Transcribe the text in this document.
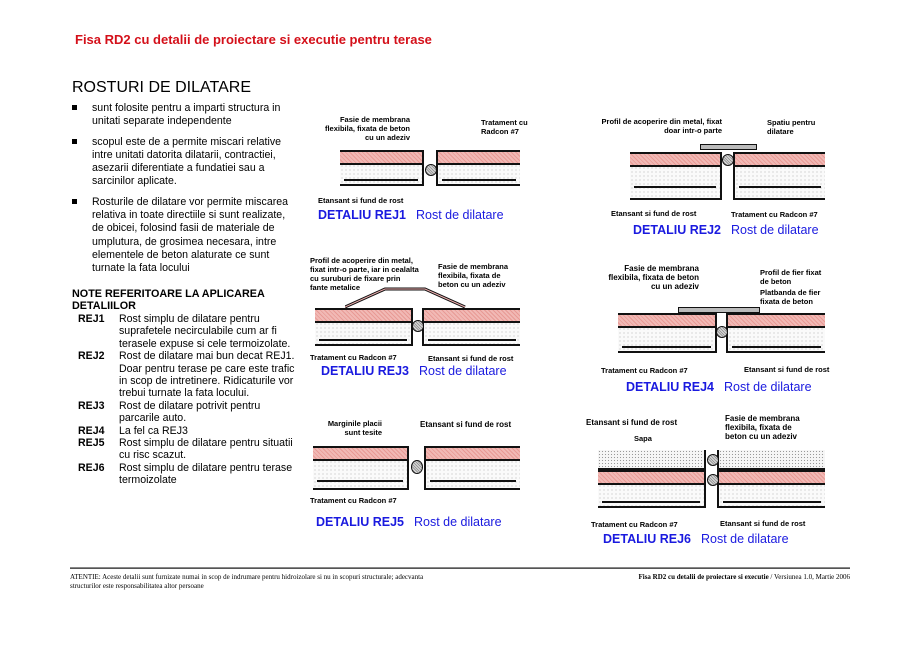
Fisa RD2 cu detalii de proiectare si executie pentru terase
ROSTURI DE DILATARE
sunt folosite pentru a imparti structura in unitati separate independente
scopul este de a permite miscari relative intre unitati datorita dilatarii, contractiei, asezarii diferentiate a fundatiei sau a sarcinilor aplicate.
Rosturile de dilatare vor permite miscarea relativa in toate directiile si sunt realizate, de obicei, folosind fasii de materiale de umplutura, de grosimea necesara, intre elementele de beton alaturate ce sunt turnate la fata locului
NOTE REFERITOARE LA APLICAREA DETALIILOR
REJ1	Rost simplu de dilatare pentru suprafetele necirculabile cum ar fi terasele expuse si cele termoizolate.
REJ2	Rost de dilatare mai bun decat REJ1. Doar pentru terase pe care este trafic in scop de intretinere. Ridicaturile vor trebui turnate la fata locului.
REJ3	Rost de dilatare potrivit pentru parcarile auto.
REJ4	La fel ca REJ3
REJ5	Rost simplu de dilatare pentru situatii cu risc scazut.
REJ6	Rost simplu de dilatare pentru terase termoizolate
Fasie de membrana flexibila, fixata de beton cu un adeziv
Tratament cu Radcon #7
Etansant si fund de rost
DETALIU REJ1 Rost de dilatare
Profil de acoperire din metal, fixat doar intr-o parte
Spatiu pentru dilatare
Etansant si fund de rost	Tratament cu Radcon #7
DETALIU REJ2 Rost de dilatare
Profil de acoperire din metal, fixat intr-o parte, iar in cealalta cu suruburi de fixare prin fante metalice
Fasie de membrana flexibila, fixata de beton cu un adeziv
Tratament cu Radcon #7	Etansant si fund de rost
DETALIU REJ3 Rost de dilatare
Fasie de membrana flexibila, fixata de beton cu un adeziv
Profil de fier fixat de beton
Platbanda de fier fixata de beton
Tratament cu Radcon #7	Etansant si fund de rost
DETALIU REJ4 Rost de dilatare
Marginile placii sunt tesite
Etansant si fund de rost
Tratament cu Radcon #7
DETALIU REJ5 Rost de dilatare
Etansant si fund de rost
Sapa
Fasie de membrana flexibila, fixata de beton cu un adeziv
Tratament cu Radcon #7	Etansant si fund de rost
DETALIU REJ6 Rost de dilatare
ATENTIE: Aceste detalii sunt furnizate numai in scop de indrumare pentru hidroizolare si nu in scopuri structurale; adecvanta structurilor este responsabilitatea altor persoane
Fisa RD2 cu detalii de proiectare si executie / Versiunea 1.0, Martie 2006
